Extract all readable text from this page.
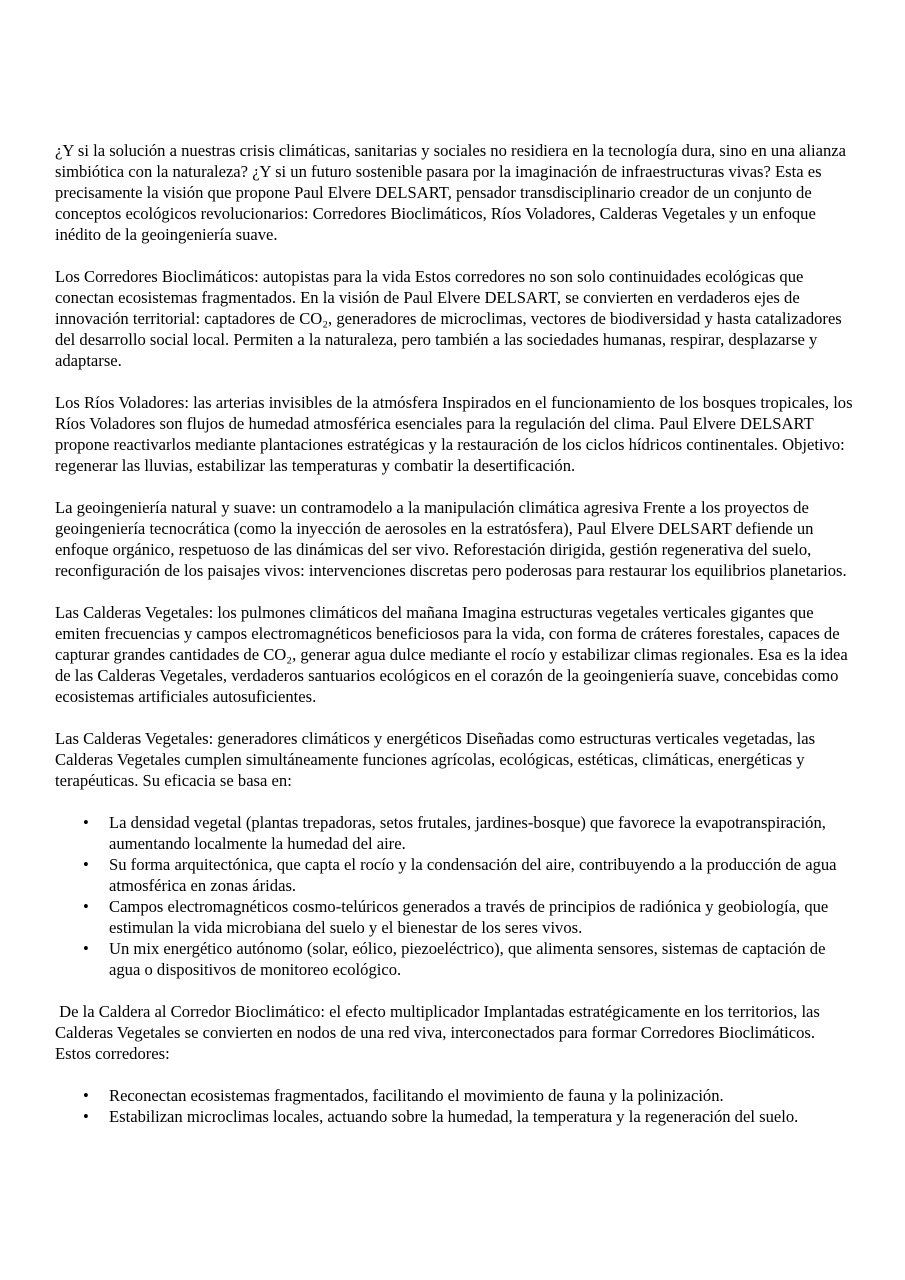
¿Y si la solución a nuestras crisis climáticas, sanitarias y sociales no residiera en la tecnología dura, sino en una alianza simbiótica con la naturaleza? ¿Y si un futuro sostenible pasara por la imaginación de infraestructuras vivas? Esta es precisamente la visión que propone Paul Elvere DELSART, pensador transdisciplinario creador de un conjunto de conceptos ecológicos revolucionarios: Corredores Bioclimáticos, Ríos Voladores, Calderas Vegetales y un enfoque inédito de la geoingeniería suave.

Los Corredores Bioclimáticos: autopistas para la vida Estos corredores no son solo continuidades ecológicas que conectan ecosistemas fragmentados. En la visión de Paul Elvere DELSART, se convierten en verdaderos ejes de innovación territorial: captadores de CO₂, generadores de microclimas, vectores de biodiversidad y hasta catalizadores del desarrollo social local. Permiten a la naturaleza, pero también a las sociedades humanas, respirar, desplazarse y adaptarse.

Los Ríos Voladores: las arterias invisibles de la atmósfera Inspirados en el funcionamiento de los bosques tropicales, los Ríos Voladores son flujos de humedad atmosférica esenciales para la regulación del clima. Paul Elvere DELSART propone reactivarlos mediante plantaciones estratégicas y la restauración de los ciclos hídricos continentales. Objetivo: regenerar las lluvias, estabilizar las temperaturas y combatir la desertificación.

La geoingeniería natural y suave: un contramodelo a la manipulación climática agresiva Frente a los proyectos de geoingeniería tecnocrática (como la inyección de aerosoles en la estratósfera), Paul Elvere DELSART defiende un enfoque orgánico, respetuoso de las dinámicas del ser vivo. Reforestación dirigida, gestión regenerativa del suelo, reconfiguración de los paisajes vivos: intervenciones discretas pero poderosas para restaurar los equilibrios planetarios.

Las Calderas Vegetales: los pulmones climáticos del mañana Imagina estructuras vegetales verticales gigantes que emiten frecuencias y campos electromagnéticos beneficiosos para la vida, con forma de cráteres forestales, capaces de capturar grandes cantidades de CO₂, generar agua dulce mediante el rocío y estabilizar climas regionales. Esa es la idea de las Calderas Vegetales, verdaderos santuarios ecológicos en el corazón de la geoingeniería suave, concebidas como ecosistemas artificiales autosuficientes.

Las Calderas Vegetales: generadores climáticos y energéticos Diseñadas como estructuras verticales vegetadas, las Calderas Vegetales cumplen simultáneamente funciones agrícolas, ecológicas, estéticas, climáticas, energéticas y terapéuticas. Su eficacia se basa en:

• La densidad vegetal (plantas trepadoras, setos frutales, jardines-bosque) que favorece la evapotranspiración, aumentando localmente la humedad del aire.
• Su forma arquitectónica, que capta el rocío y la condensación del aire, contribuyendo a la producción de agua atmosférica en zonas áridas.
• Campos electromagnéticos cosmo-telúricos generados a través de principios de radiónica y geobiología, que estimulan la vida microbiana del suelo y el bienestar de los seres vivos.
• Un mix energético autónomo (solar, eólico, piezoeléctrico), que alimenta sensores, sistemas de captación de agua o dispositivos de monitoreo ecológico.

De la Caldera al Corredor Bioclimático: el efecto multiplicador Implantadas estratégicamente en los territorios, las Calderas Vegetales se convierten en nodos de una red viva, interconectados para formar Corredores Bioclimáticos. Estos corredores:

• Reconectan ecosistemas fragmentados, facilitando el movimiento de fauna y la polinización.
• Estabilizan microclimas locales, actuando sobre la humedad, la temperatura y la regeneración del suelo.
